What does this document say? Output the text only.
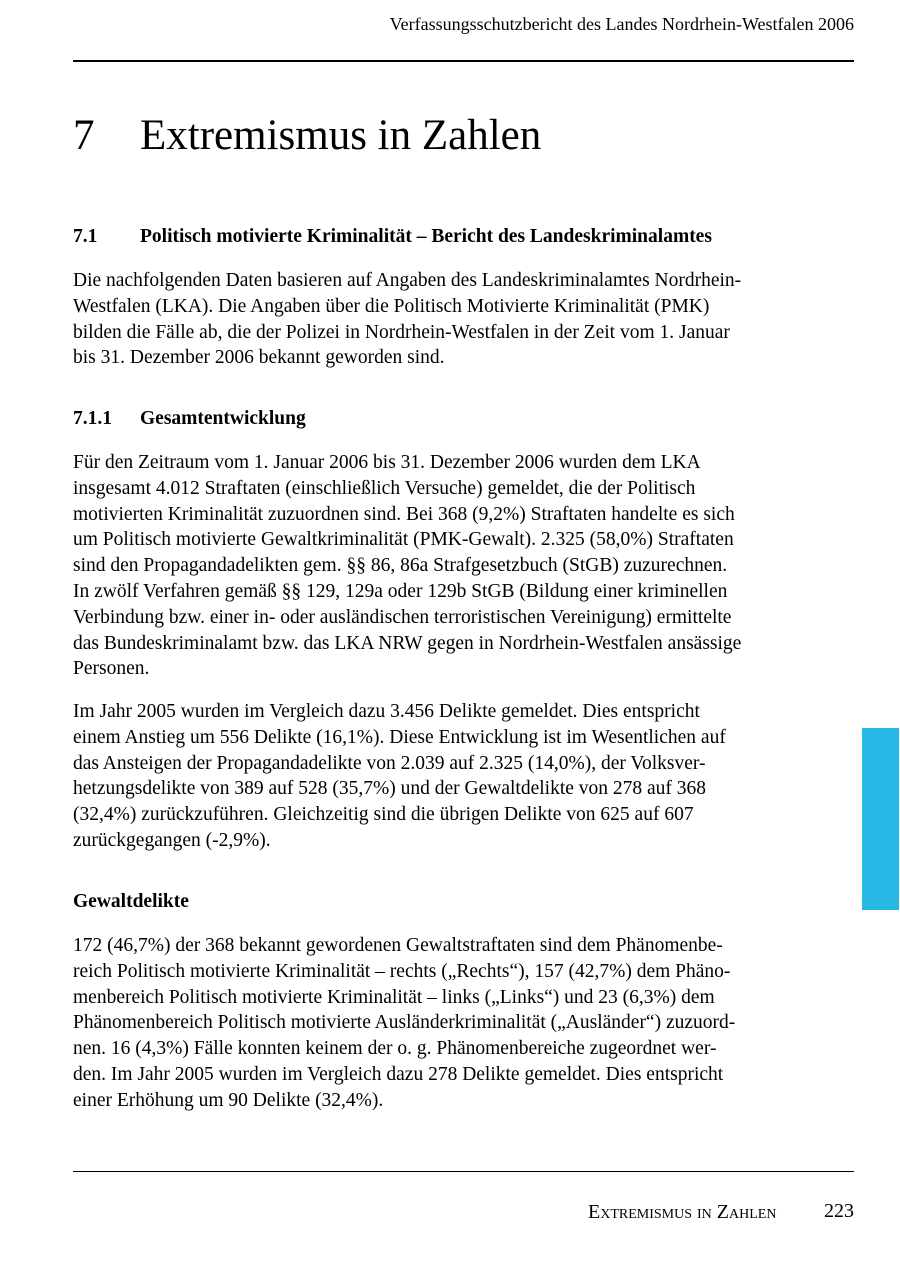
Verfassungsschutzbericht des Landes Nordrhein-Westfalen 2006
7 Extremismus in Zahlen
7.1 Politisch motivierte Kriminalität – Bericht des Landeskriminalamtes

Die nachfolgenden Daten basieren auf Angaben des Landeskriminalamtes Nordrhein-
Westfalen (LKA). Die Angaben über die Politisch Motivierte Kriminalität (PMK)
bilden die Fälle ab, die der Polizei in Nordrhein-Westfalen in der Zeit vom 1. Januar
bis 31. Dezember 2006 bekannt geworden sind.

7.1.1 Gesamtentwicklung

Für den Zeitraum vom 1. Januar 2006 bis 31. Dezember 2006 wurden dem LKA
insgesamt 4.012 Straftaten (einschließlich Versuche) gemeldet, die der Politisch
motivierten Kriminalität zuzuordnen sind. Bei 368 (9,2%) Straftaten handelte es sich
um Politisch motivierte Gewaltkriminalität (PMK-Gewalt). 2.325 (58,0%) Straftaten
sind den Propagandadelikten gem. §§ 86, 86a Strafgesetzbuch (StGB) zuzurechnen.
In zwölf Verfahren gemäß §§ 129, 129a oder 129b StGB (Bildung einer kriminellen
Verbindung bzw. einer in- oder ausländischen terroristischen Vereinigung) ermittelte
das Bundeskriminalamt bzw. das LKA NRW gegen in Nordrhein-Westfalen ansässige
Personen.

Im Jahr 2005 wurden im Vergleich dazu 3.456 Delikte gemeldet. Dies entspricht
einem Anstieg um 556 Delikte (16,1%). Diese Entwicklung ist im Wesentlichen auf
das Ansteigen der Propagandadelikte von 2.039 auf 2.325 (14,0%), der Volksver-
hetzungsdelikte von 389 auf 528 (35,7%) und der Gewaltdelikte von 278 auf 368
(32,4%) zurückzuführen. Gleichzeitig sind die übrigen Delikte von 625 auf 607
zurückgegangen (-2,9%).

Gewaltdelikte

172 (46,7%) der 368 bekannt gewordenen Gewaltstraftaten sind dem Phänomenbe-
reich Politisch motivierte Kriminalität – rechts („Rechts“), 157 (42,7%) dem Phäno-
menbereich Politisch motivierte Kriminalität – links („Links“) und 23 (6,3%) dem
Phänomenbereich Politisch motivierte Ausländerkriminalität („Ausländer“) zuzuord-
nen. 16 (4,3%) Fälle konnten keinem der o. g. Phänomenbereiche zugeordnet wer-
den. Im Jahr 2005 wurden im Vergleich dazu 278 Delikte gemeldet. Dies entspricht
einer Erhöhung um 90 Delikte (32,4%).

Extremismus in Zahlen 223
